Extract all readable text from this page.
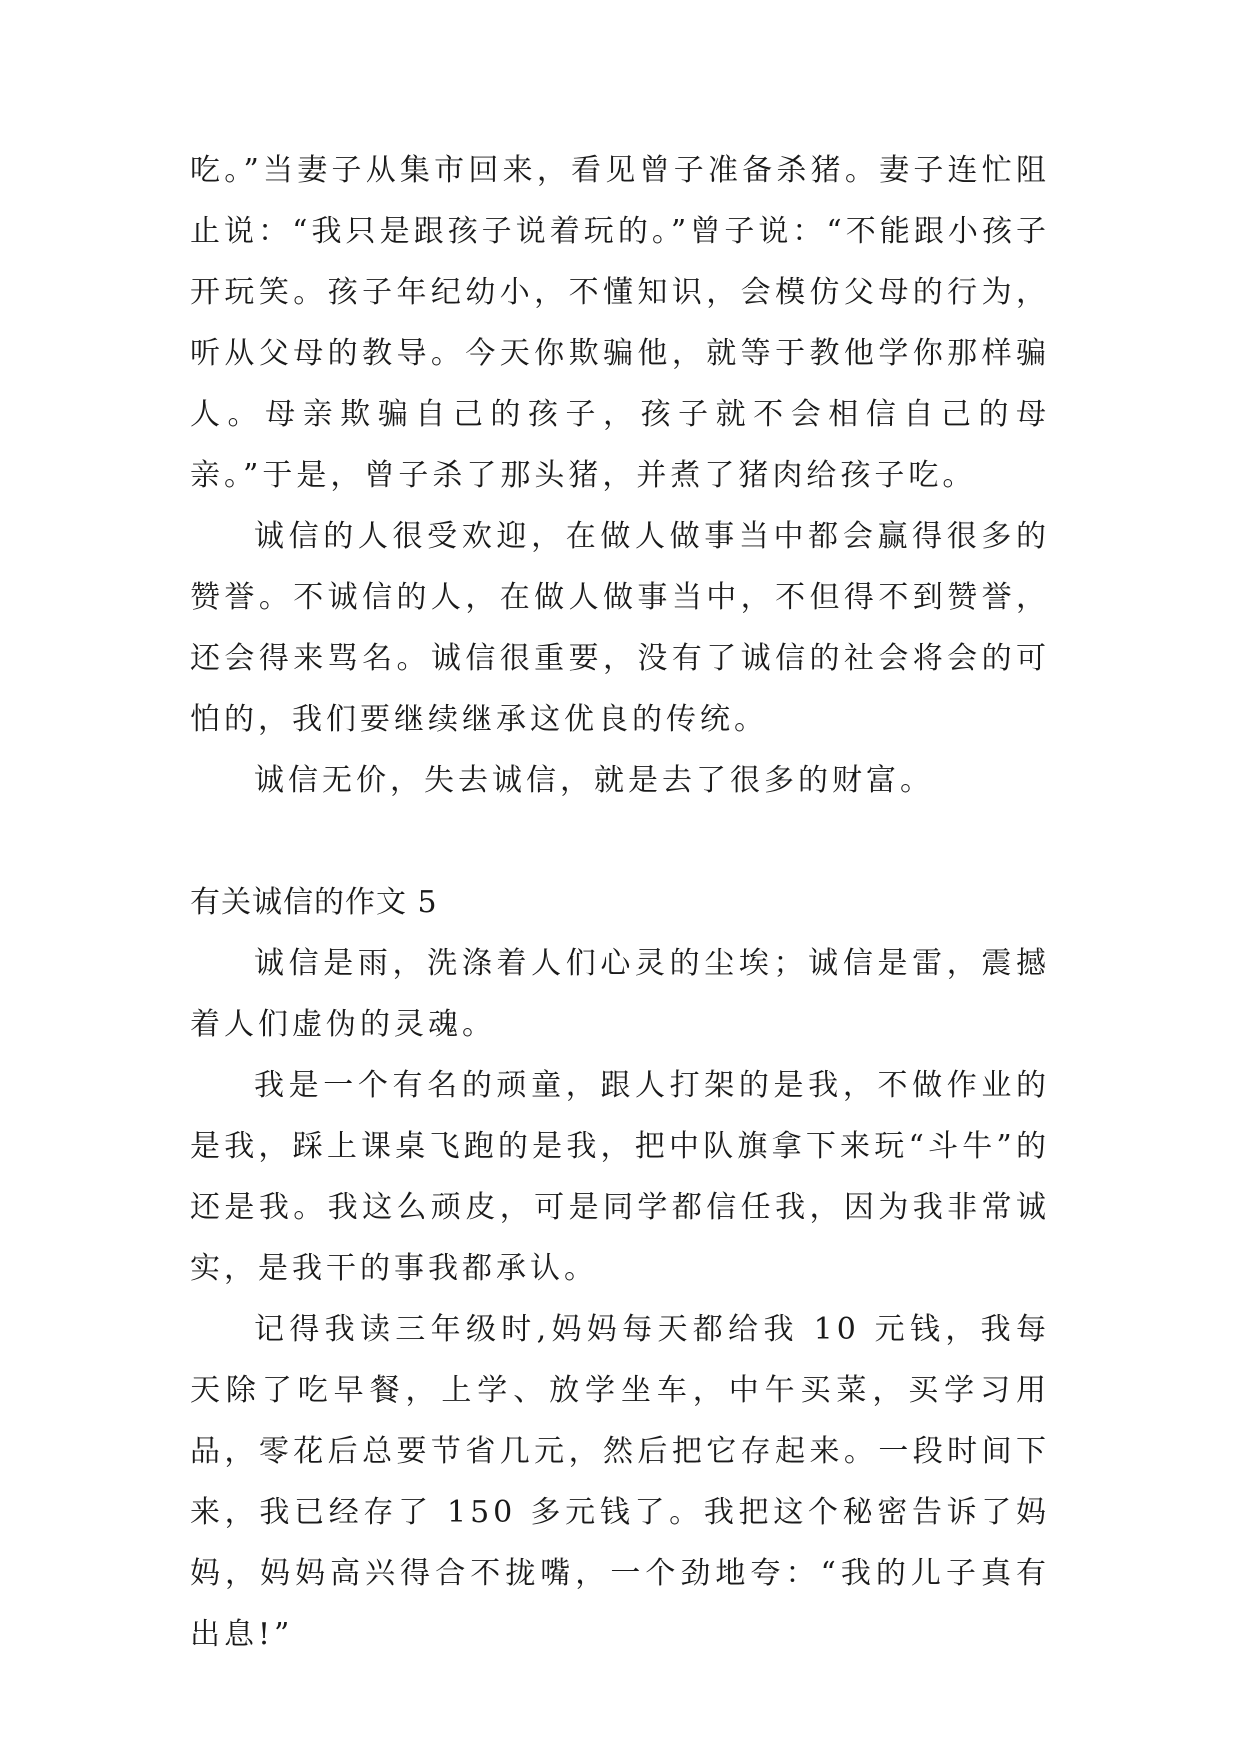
吃。”当妻子从集市回来，看见曾子准备杀猪。妻子连忙阻止说：“我只是跟孩子说着玩的。”曾子说：“不能跟小孩子开玩笑。孩子年纪幼小，不懂知识，会模仿父母的行为，听从父母的教导。今天你欺骗他，就等于教他学你那样骗人。母亲欺骗自己的孩子，孩子就不会相信自己的母亲。”于是，曾子杀了那头猪，并煮了猪肉给孩子吃。

诚信的人很受欢迎，在做人做事当中都会赢得很多的赞誉。不诚信的人，在做人做事当中，不但得不到赞誉，还会得来骂名。诚信很重要，没有了诚信的社会将会的可怕的，我们要继续继承这优良的传统。

诚信无价，失去诚信，就是去了很多的财富。

有关诚信的作文 5

诚信是雨，洗涤着人们心灵的尘埃；诚信是雷，震撼着人们虚伪的灵魂。

我是一个有名的顽童，跟人打架的是我，不做作业的是我，踩上课桌飞跑的是我，把中队旗拿下来玩“斗牛”的还是我。我这么顽皮，可是同学都信任我，因为我非常诚实，是我干的事我都承认。

记得我读三年级时,妈妈每天都给我 10 元钱，我每天除了吃早餐，上学、放学坐车，中午买菜，买学习用品，零花后总要节省几元，然后把它存起来。一段时间下来，我已经存了 150 多元钱了。我把这个秘密告诉了妈妈，妈妈高兴得合不拢嘴，一个劲地夸：“我的儿子真有出息!”
